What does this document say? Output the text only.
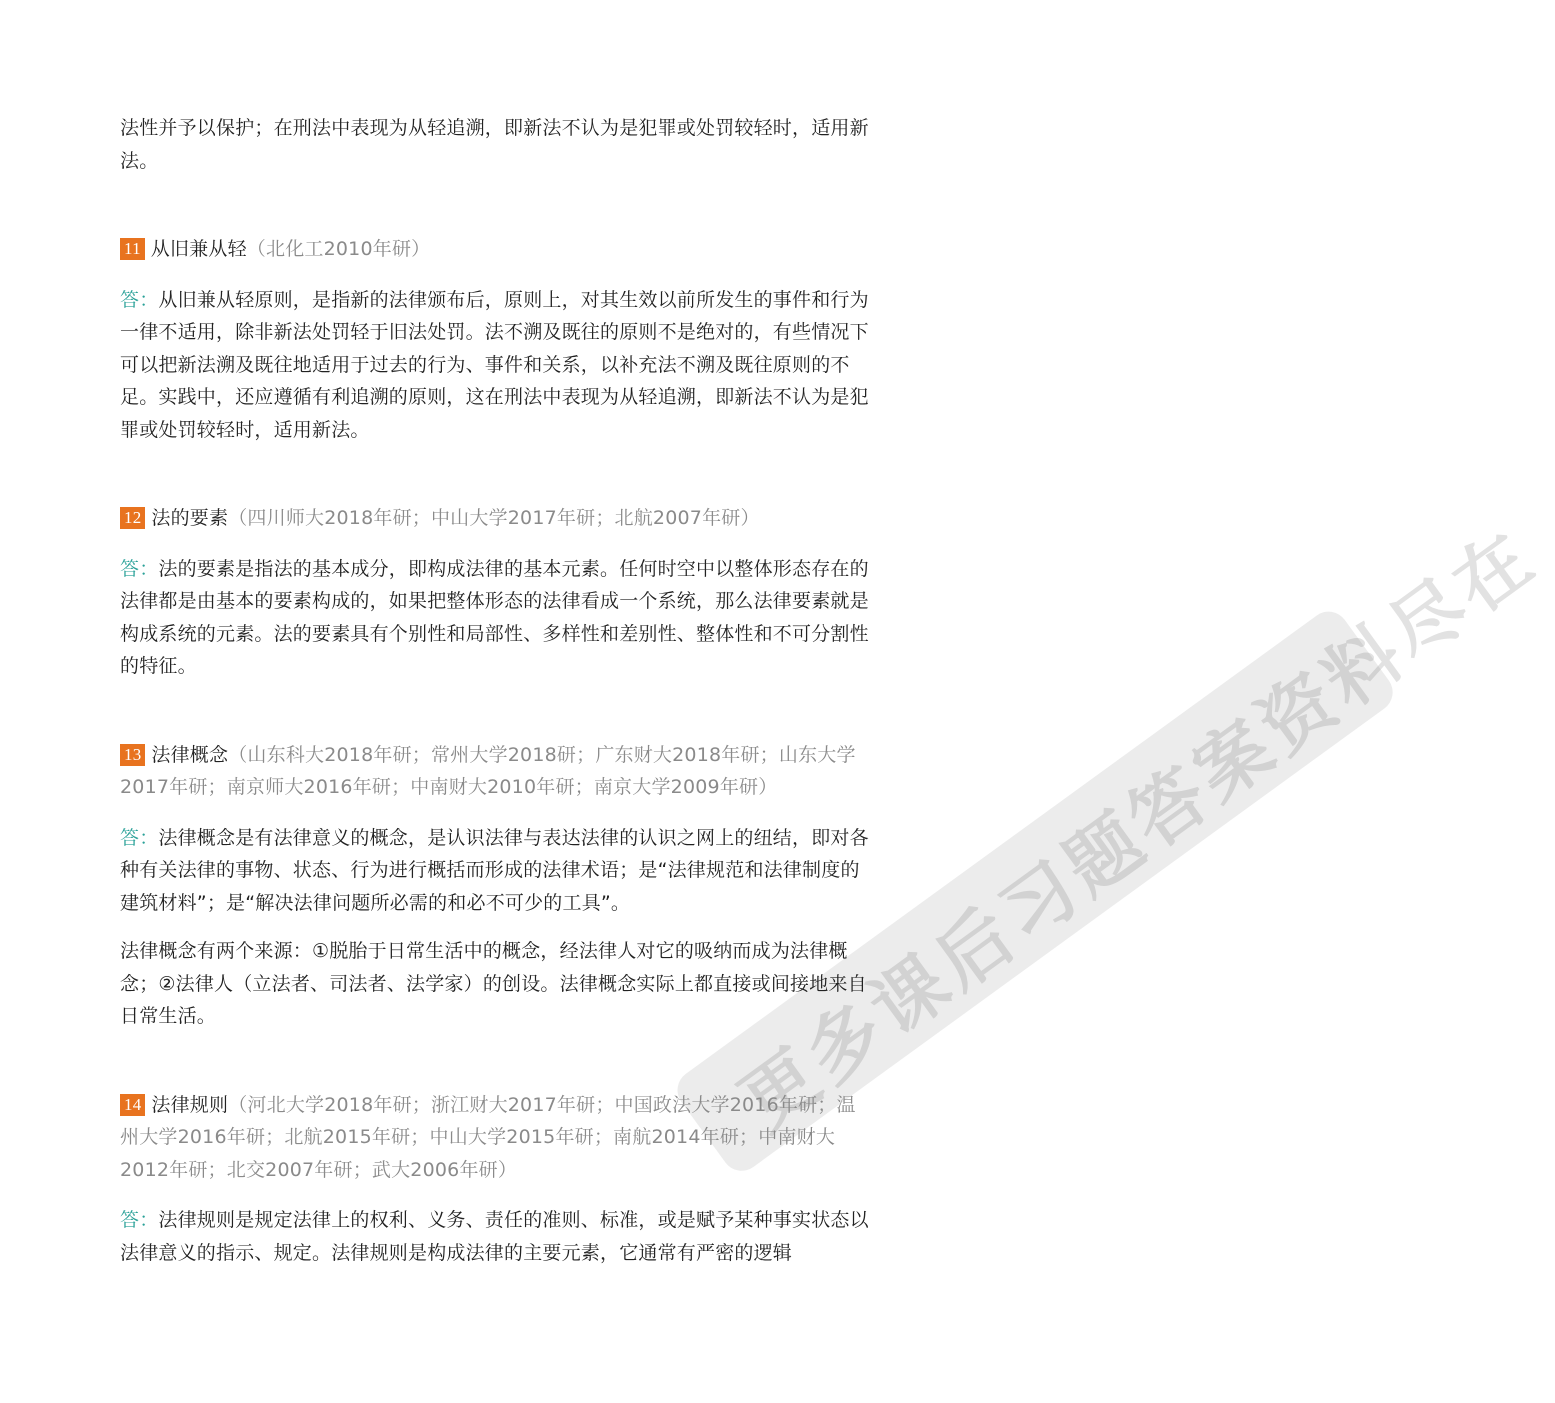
更多课后习题答案资料尽在

法性并予以保护；在刑法中表现为从轻追溯，即新法不认为是犯罪或处罚较轻时，适用新法。

11 从旧兼从轻（北化工2010年研）

答：从旧兼从轻原则，是指新的法律颁布后，原则上，对其生效以前所发生的事件和行为一律不适用，除非新法处罚轻于旧法处罚。法不溯及既往的原则不是绝对的，有些情况下可以把新法溯及既往地适用于过去的行为、事件和关系，以补充法不溯及既往原则的不足。实践中，还应遵循有利追溯的原则，这在刑法中表现为从轻追溯，即新法不认为是犯罪或处罚较轻时，适用新法。

12 法的要素（四川师大2018年研；中山大学2017年研；北航2007年研）

答：法的要素是指法的基本成分，即构成法律的基本元素。任何时空中以整体形态存在的法律都是由基本的要素构成的，如果把整体形态的法律看成一个系统，那么法律要素就是构成系统的元素。法的要素具有个别性和局部性、多样性和差别性、整体性和不可分割性的特征。

13 法律概念（山东科大2018年研；常州大学2018研；广东财大2018年研；山东大学2017年研；南京师大2016年研；中南财大2010年研；南京大学2009年研）

答：法律概念是有法律意义的概念，是认识法律与表达法律的认识之网上的纽结，即对各种有关法律的事物、状态、行为进行概括而形成的法律术语；是“法律规范和法律制度的建筑材料”；是“解决法律问题所必需的和必不可少的工具”。

法律概念有两个来源：①脱胎于日常生活中的概念，经法律人对它的吸纳而成为法律概念；②法律人（立法者、司法者、法学家）的创设。法律概念实际上都直接或间接地来自日常生活。

14 法律规则（河北大学2018年研；浙江财大2017年研；中国政法大学2016年研；温州大学2016年研；北航2015年研；中山大学2015年研；南航2014年研；中南财大2012年研；北交2007年研；武大2006年研）

答：法律规则是规定法律上的权利、义务、责任的准则、标准，或是赋予某种事实状态以法律意义的指示、规定。法律规则是构成法律的主要元素，它通常有严密的逻辑
